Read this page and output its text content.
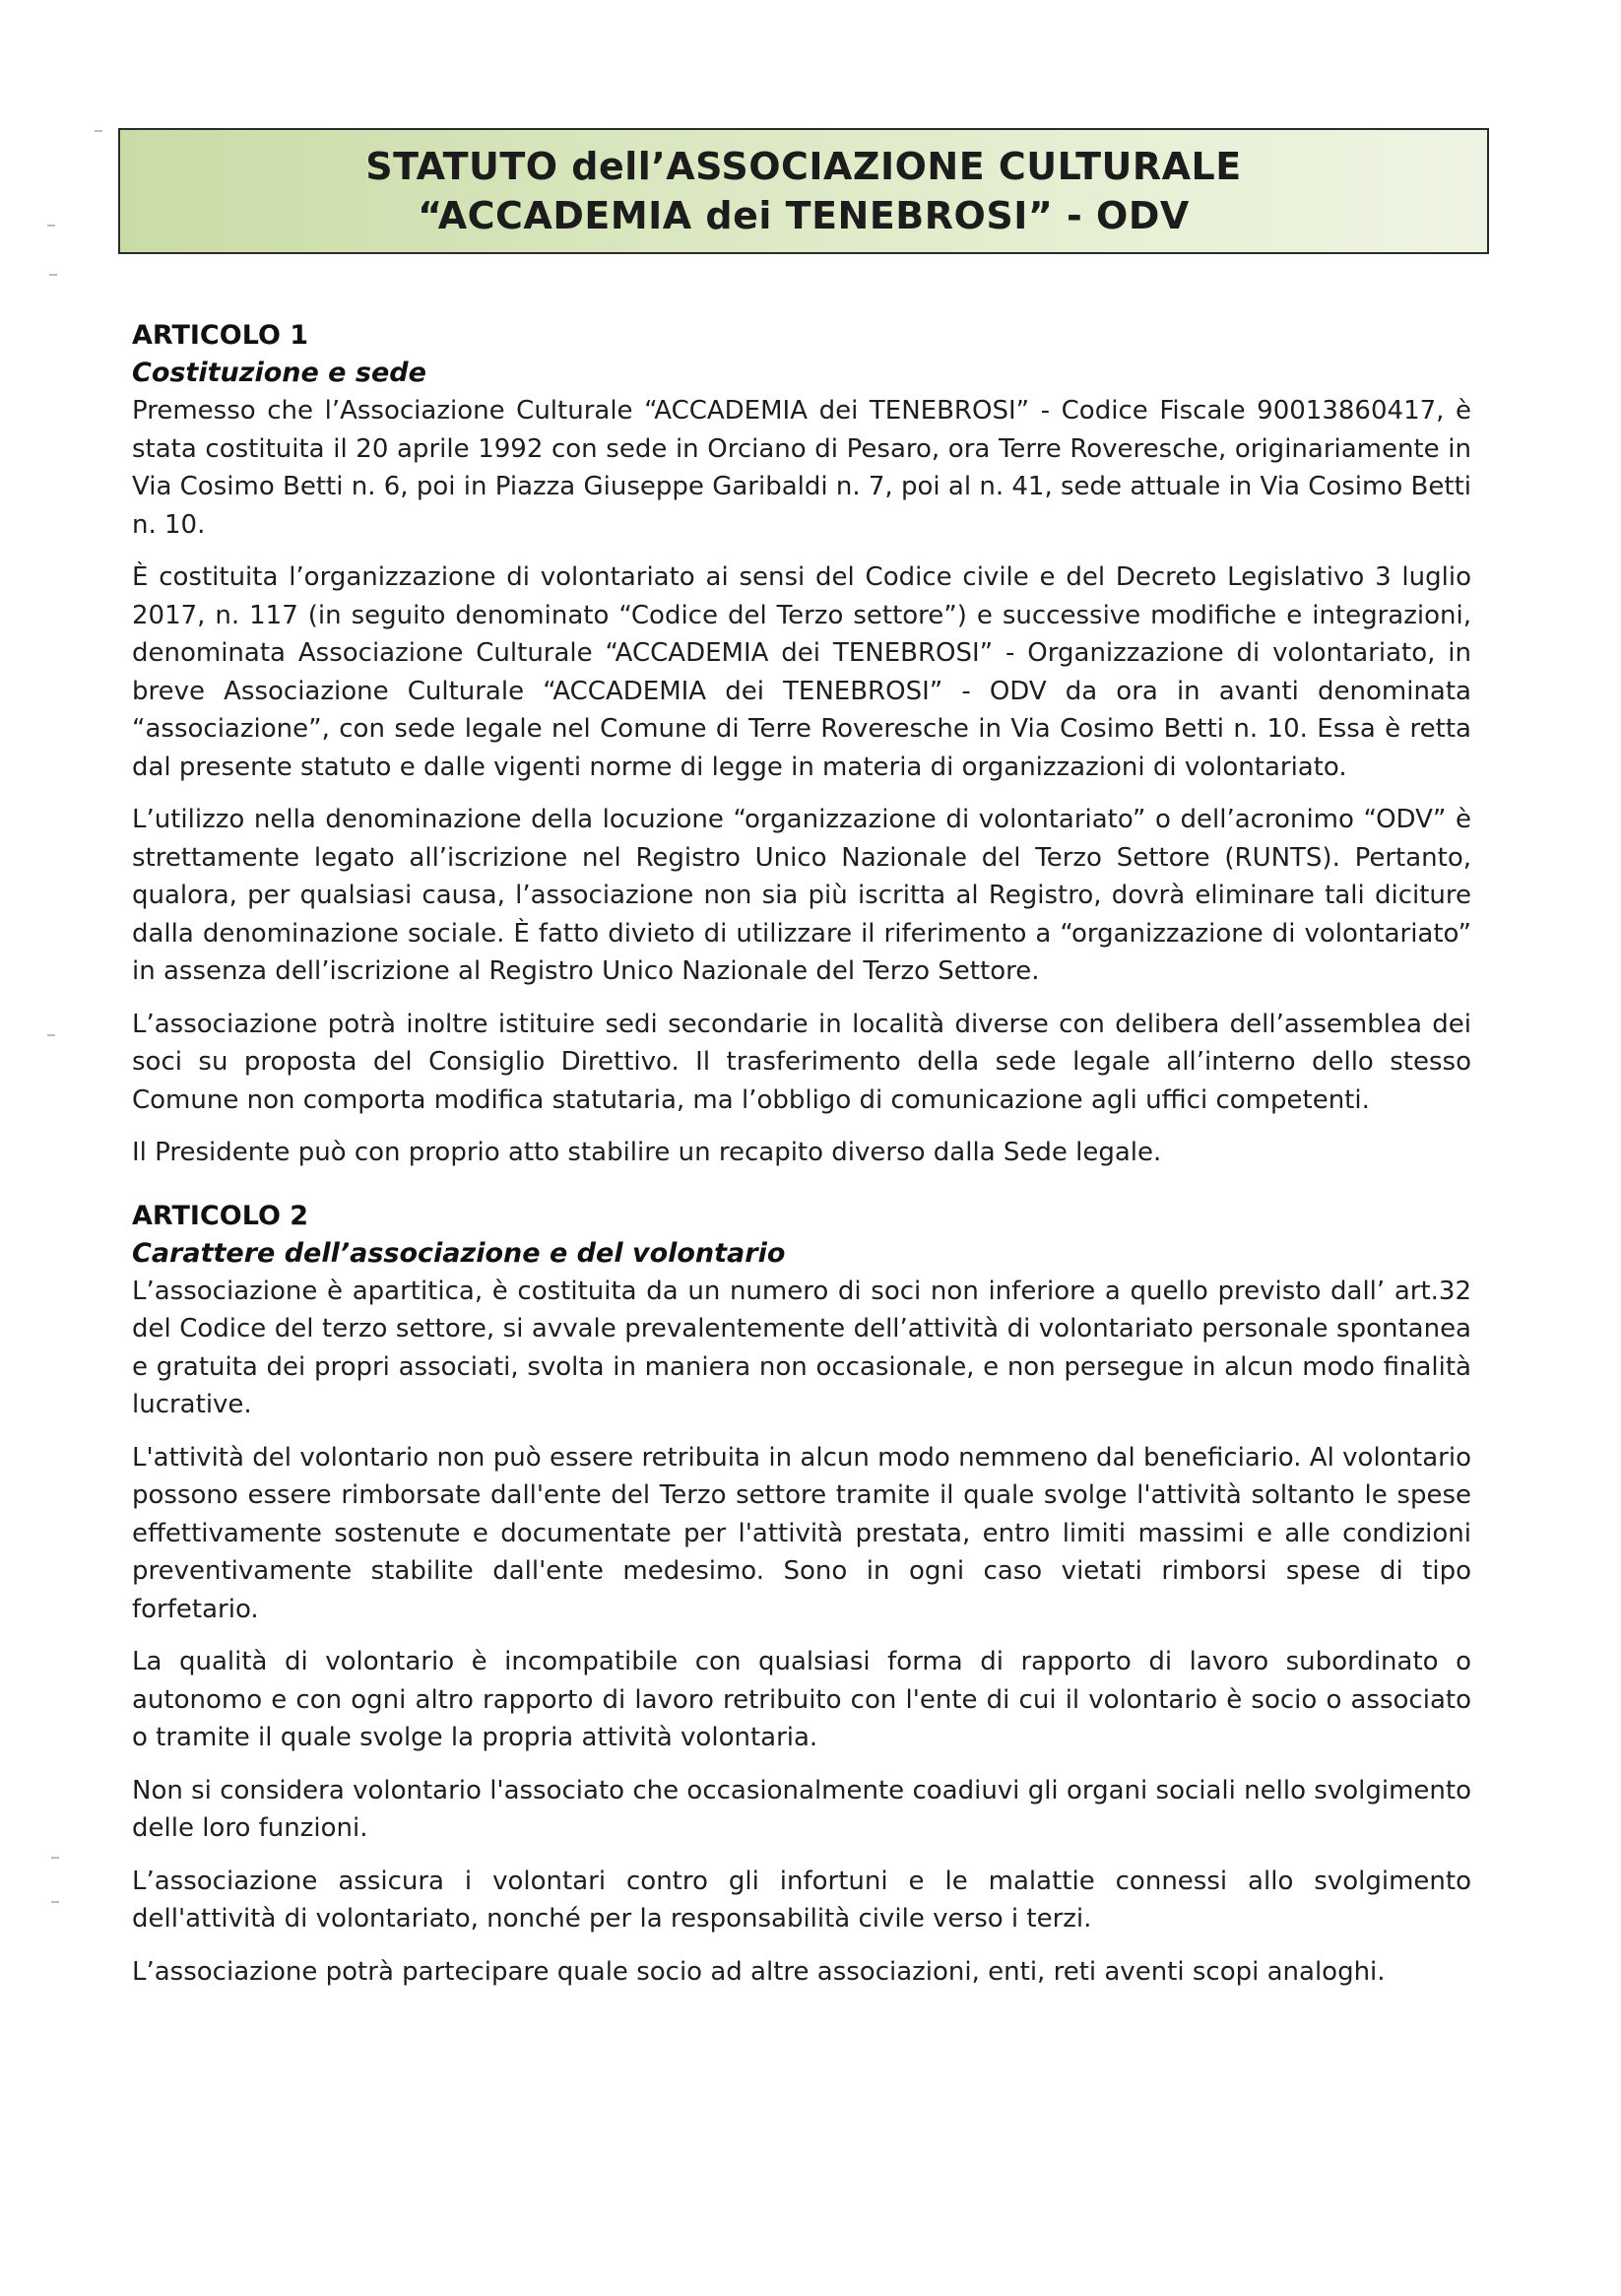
STATUTO dell’ASSOCIAZIONE CULTURALE
“ACCADEMIA dei TENEBROSI” - ODV
ARTICOLO 1
Costituzione e sede

Premesso che l’Associazione Culturale “ACCADEMIA dei TENEBROSI” - Codice Fiscale 90013860417, è stata costituita il 20 aprile 1992 con sede in Orciano di Pesaro, ora Terre Roveresche, originariamente in Via Cosimo Betti n. 6, poi in Piazza Giuseppe Garibaldi n. 7, poi al n. 41, sede attuale in Via Cosimo Betti n. 10.

È costituita l’organizzazione di volontariato ai sensi del Codice civile e del Decreto Legislativo 3 luglio 2017, n. 117 (in seguito denominato “Codice del Terzo settore”) e successive modifiche e integrazioni, denominata Associazione Culturale “ACCADEMIA dei TENEBROSI” - Organizzazione di volontariato, in breve Associazione Culturale “ACCADEMIA dei TENEBROSI” - ODV da ora in avanti denominata “associazione”, con sede legale nel Comune di Terre Roveresche in Via Cosimo Betti n. 10. Essa è retta dal presente statuto e dalle vigenti norme di legge in materia di organizzazioni di volontariato.

L’utilizzo nella denominazione della locuzione “organizzazione di volontariato” o dell’acronimo “ODV” è strettamente legato all’iscrizione nel Registro Unico Nazionale del Terzo Settore (RUNTS). Pertanto, qualora, per qualsiasi causa, l’associazione non sia più iscritta al Registro, dovrà eliminare tali diciture dalla denominazione sociale. È fatto divieto di utilizzare il riferimento a “organizzazione di volontariato” in assenza dell’iscrizione al Registro Unico Nazionale del Terzo Settore.

L’associazione potrà inoltre istituire sedi secondarie in località diverse con delibera dell’assemblea dei soci su proposta del Consiglio Direttivo. Il trasferimento della sede legale all’interno dello stesso Comune non comporta modifica statutaria, ma l’obbligo di comunicazione agli uffici competenti.

Il Presidente può con proprio atto stabilire un recapito diverso dalla Sede legale.

ARTICOLO 2
Carattere dell’associazione e del volontario

L’associazione è apartitica, è costituita da un numero di soci non inferiore a quello previsto dall’ art.32 del Codice del terzo settore, si avvale prevalentemente dell’attività di volontariato personale spontanea e gratuita dei propri associati, svolta in maniera non occasionale, e non persegue in alcun modo finalità lucrative.

L'attività del volontario non può essere retribuita in alcun modo nemmeno dal beneficiario. Al volontario possono essere rimborsate dall'ente del Terzo settore tramite il quale svolge l'attività soltanto le spese effettivamente sostenute e documentate per l'attività prestata, entro limiti massimi e alle condizioni preventivamente stabilite dall'ente medesimo. Sono in ogni caso vietati rimborsi spese di tipo forfetario.

La qualità di volontario è incompatibile con qualsiasi forma di rapporto di lavoro subordinato o autonomo e con ogni altro rapporto di lavoro retribuito con l'ente di cui il volontario è socio o associato o tramite il quale svolge la propria attività volontaria.

Non si considera volontario l'associato che occasionalmente coadiuvi gli organi sociali nello svolgimento delle loro funzioni.

L’associazione assicura i volontari contro gli infortuni e le malattie connessi allo svolgimento dell'attività di volontariato, nonché per la responsabilità civile verso i terzi.

L’associazione potrà partecipare quale socio ad altre associazioni, enti, reti aventi scopi analoghi.
